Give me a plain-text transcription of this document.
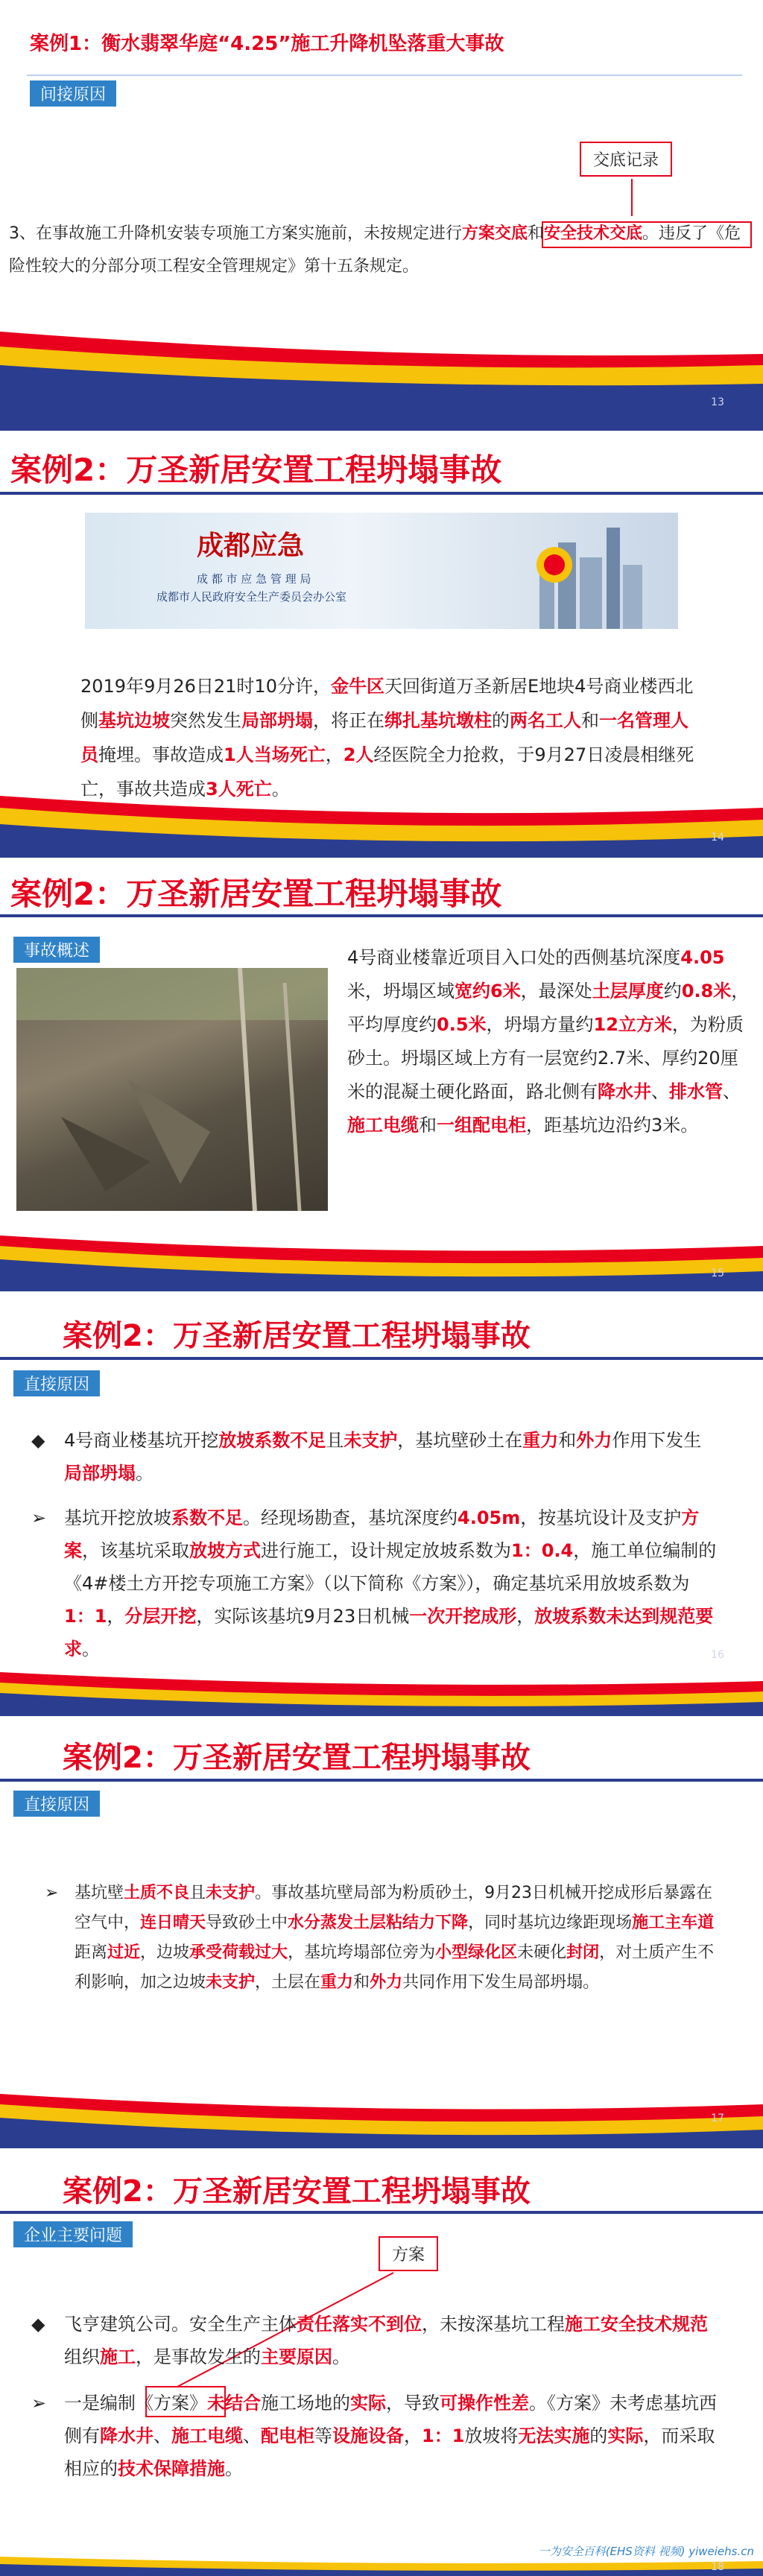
案例1：衡水翡翠华庭“4.25”施工升降机坠落重大事故
间接原因
交底记录
3、在事故施工升降机安装专项施工方案实施前，未按规定进行方案交底和安全技术交底。违反了《危险性较大的分部分项工程安全管理规定》第十五条规定。
13
案例2：万圣新居安置工程坍塌事故
成都应急
成 都 市 应 急 管 理 局
成都市人民政府安全生产委员会办公室
2019年9月26日21时10分许，金牛区天回街道万圣新居E地块4号商业楼西北侧基坑边坡突然发生局部坍塌，将正在绑扎基坑墩柱的两名工人和一名管理人员掩埋。事故造成1人当场死亡，2人经医院全力抢救，于9月27日凌晨相继死亡，事故共造成3人死亡。
14
案例2：万圣新居安置工程坍塌事故
事故概述	4号商业楼靠近项目入口处的西侧基坑深度4.05米，坍塌区域宽约6米，最深处土层厚度约0.8米，平均厚度约0.5米，坍塌方量约12立方米，为粉质砂土。坍塌区域上方有一层宽约2.7米、厚约20厘米的混凝土硬化路面，路北侧有降水井、排水管、施工电缆和一组配电柜，距基坑边沿约3米。
15
案例2：万圣新居安置工程坍塌事故
直接原因
◆ 4号商业楼基坑开挖放坡系数不足且未支护，基坑壁砂土在重力和外力作用下发生局部坍塌。
➢ 基坑开挖放坡系数不足。经现场勘查，基坑深度约4.05m，按基坑设计及支护方案，该基坑采取放坡方式进行施工，设计规定放坡系数为1：0.4，施工单位编制的《4#楼土方开挖专项施工方案》（以下简称《方案》），确定基坑采用放坡系数为1：1，分层开挖，实际该基坑9月23日机械一次开挖成形，放坡系数未达到规范要求。	16
案例2：万圣新居安置工程坍塌事故
直接原因
➢ 基坑壁土质不良且未支护。事故基坑壁局部为粉质砂土，9月23日机械开挖成形后暴露在空气中，连日晴天导致砂土中水分蒸发土层粘结力下降，同时基坑边缘距现场施工主车道距离过近，边坡承受荷载过大，基坑垮塌部位旁为小型绿化区未硬化封闭，对土质产生不利影响，加之边坡未支护，土层在重力和外力共同作用下发生局部坍塌。
17
案例2：万圣新居安置工程坍塌事故
企业主要问题
方案
◆ 飞亨建筑公司。安全生产主体责任落实不到位，未按深基坑工程施工安全技术规范组织施工，是事故发生的主要原因。
➢ 一是编制《方案》未结合施工场地的实际，导致可操作性差。《方案》未考虑基坑西侧有降水井、施工电缆、配电柜等设施设备，1：1放坡将无法实施的实际，而采取相应的技术保障措施。
一为安全百科(EHS资料 视频) yiweiehs.cn
18
